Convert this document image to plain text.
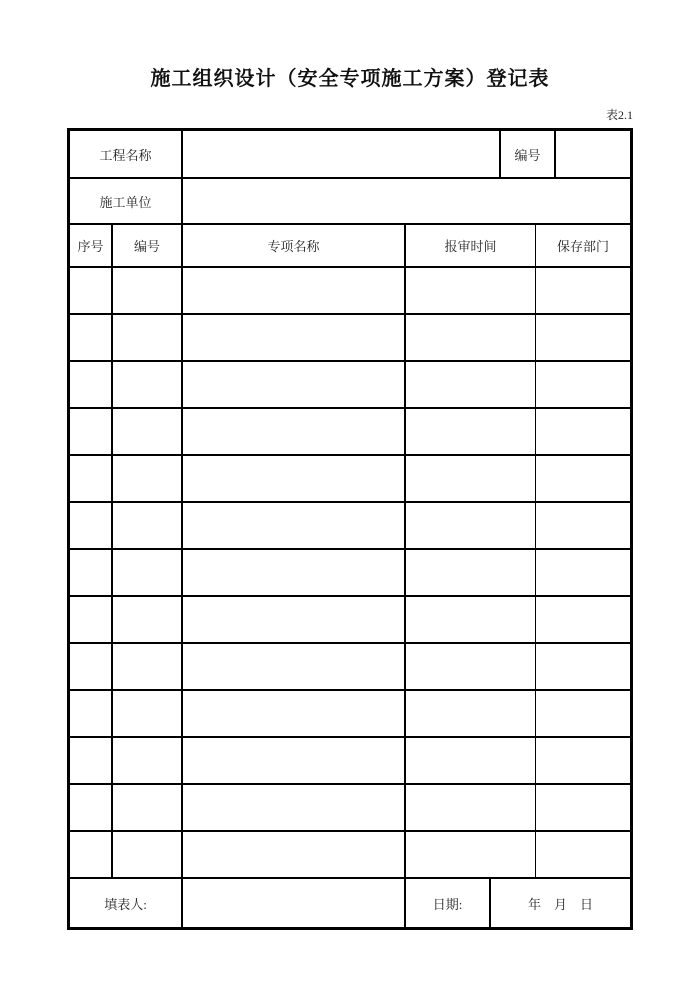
施工组织设计（安全专项施工方案）登记表
表2.1
工程名称	编号
施工单位
序号	编号	专项名称	报审时间	保存部门
填表人:	日期:	年　月　日
